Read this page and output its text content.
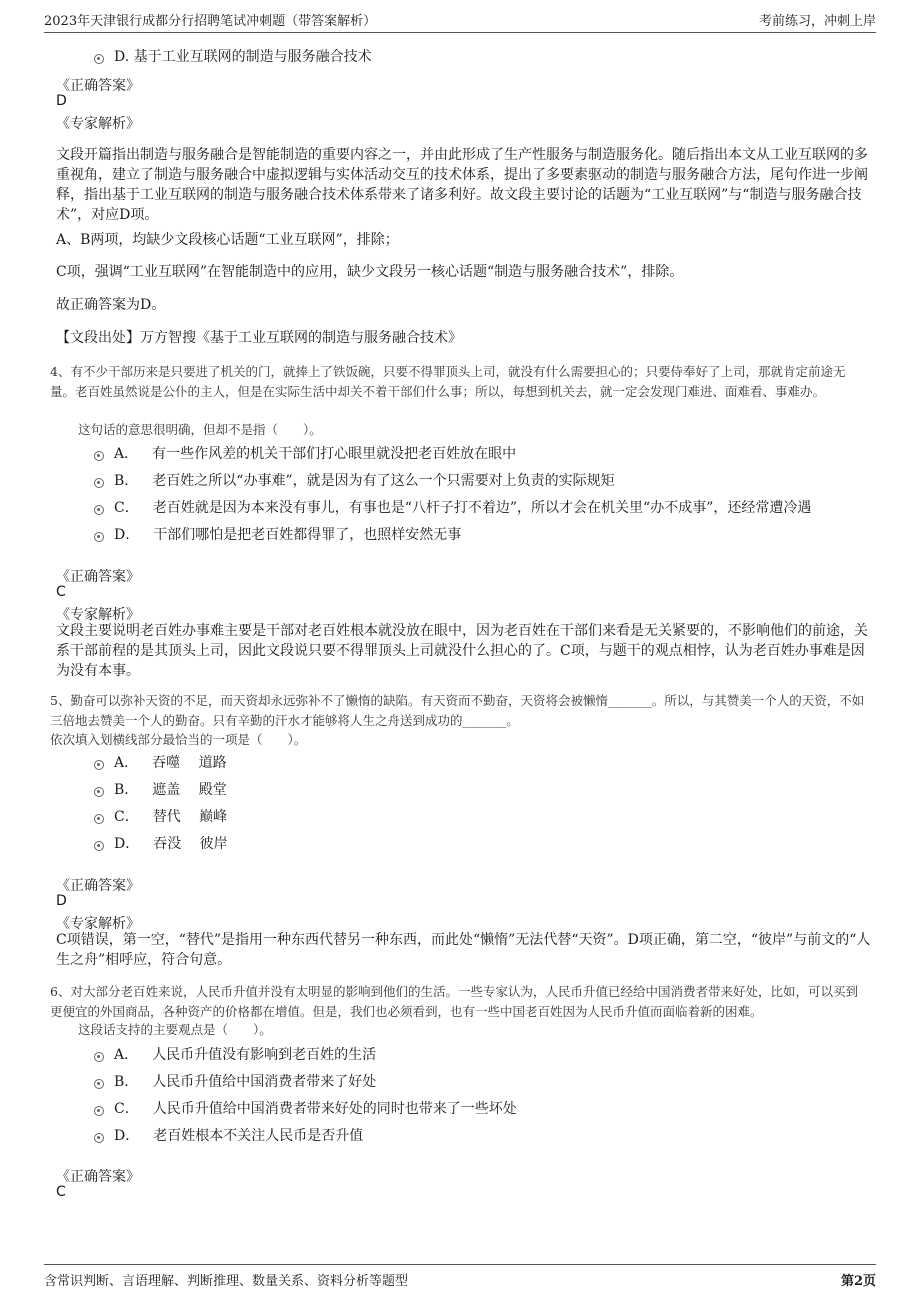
2023年天津银行成都分行招聘笔试冲刺题（带答案解析）	考前练习，冲刺上岸
D. 基于工业互联网的制造与服务融合技术
《正确答案》
D
《专家解析》
文段开篇指出制造与服务融合是智能制造的重要内容之一，并由此形成了生产性服务与制造服务化。随后指出本文从工业互联网的多重视角，建立了制造与服务融合中虚拟逻辑与实体活动交互的技术体系，提出了多要素驱动的制造与服务融合方法，尾句作进一步阐释，指出基于工业互联网的制造与服务融合技术体系带来了诸多利好。故文段主要讨论的话题为“工业互联网”与“制造与服务融合技术”，对应D项。
A、B两项，均缺少文段核心话题“工业互联网”，排除；
C项，强调“工业互联网”在智能制造中的应用，缺少文段另一核心话题“制造与服务融合技术”，排除。
故正确答案为D。
【文段出处】万方智搜《基于工业互联网的制造与服务融合技术》
4、有不少干部历来是只要进了机关的门，就捧上了铁饭碗，只要不得罪顶头上司，就没有什么需要担心的；只要侍奉好了上司，那就肯定前途无量。老百姓虽然说是公仆的主人，但是在实际生活中却关不着干部们什么事；所以，每想到机关去，就一定会发现门难进、面难看、事难办。
这句话的意思很明确，但却不是指（　　）。
A． 有一些作风差的机关干部们打心眼里就没把老百姓放在眼中
B． 老百姓之所以“办事难”，就是因为有了这么一个只需要对上负责的实际规矩
C． 老百姓就是因为本来没有事儿，有事也是“八杆子打不着边”，所以才会在机关里“办不成事”，还经常遭冷遇
D． 干部们哪怕是把老百姓都得罪了，也照样安然无事
《正确答案》
C
《专家解析》
文段主要说明老百姓办事难主要是干部对老百姓根本就没放在眼中，因为老百姓在干部们来看是无关紧要的，不影响他们的前途，关系干部前程的是其顶头上司，因此文段说只要不得罪顶头上司就没什么担心的了。C项，与题干的观点相悖，认为老百姓办事难是因为没有本事。
5、勤奋可以弥补天资的不足，而天资却永远弥补不了懒惰的缺陷。有天资而不勤奋，天资将会被懒惰_______。所以，与其赞美一个人的天资，不如三倍地去赞美一个人的勤奋。只有辛勤的汗水才能够将人生之舟送到成功的_______。
依次填入划横线部分最恰当的一项是（　　）。
A． 吞噬　 道路
B． 遮盖　 殿堂
C． 替代　 巅峰
D． 吞没　 彼岸
《正确答案》
D
《专家解析》
C项错误，第一空，“替代”是指用一种东西代替另一种东西，而此处“懒惰”无法代替“天资”。D项正确，第二空，“彼岸”与前文的“人生之舟”相呼应，符合句意。
6、对大部分老百姓来说，人民币升值并没有太明显的影响到他们的生活。一些专家认为，人民币升值已经给中国消费者带来好处，比如，可以买到更便宜的外国商品，各种资产的价格都在增值。但是，我们也必须看到，也有一些中国老百姓因为人民币升值而面临着新的困难。
这段话支持的主要观点是（　　）。
A． 人民币升值没有影响到老百姓的生活
B． 人民币升值给中国消费者带来了好处
C． 人民币升值给中国消费者带来好处的同时也带来了一些坏处
D． 老百姓根本不关注人民币是否升值
《正确答案》
C
含常识判断、言语理解、判断推理、数量关系、资料分析等题型	第2页
